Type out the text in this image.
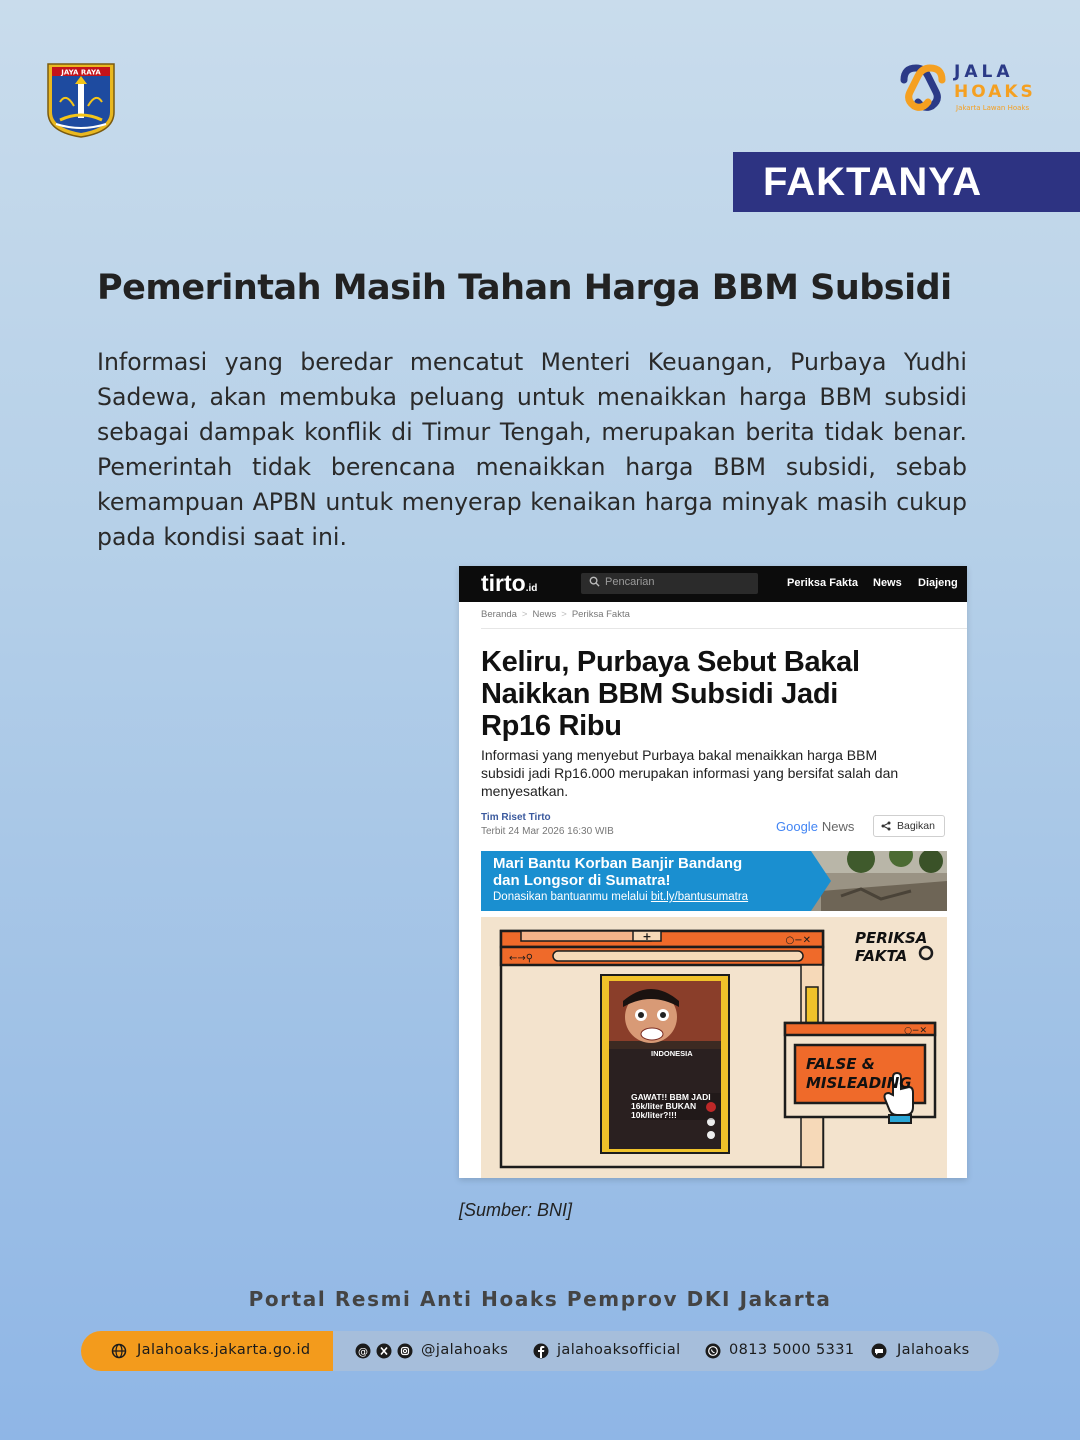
JAYA RAYA	JALA
HOAKS
Jakarta Lawan Hoaks
FAKTANYA
Pemerintah Masih Tahan Harga BBM Subsidi
Informasi yang beredar mencatut Menteri Keuangan, Purbaya Yudhi Sadewa, akan membuka peluang untuk menaikkan harga BBM subsidi sebagai dampak konflik di Timur Tengah, merupakan berita tidak benar. Pemerintah tidak berencana menaikkan harga BBM subsidi, sebab kemampuan APBN untuk menyerap kenaikan harga minyak masih cukup pada kondisi saat ini.
tirto.id
Pencarian	Periksa Fakta News Diajeng
Beranda > News > Periksa Fakta
Keliru, Purbaya Sebut Bakal Naikkan BBM Subsidi Jadi Rp16 Ribu
Informasi yang menyebut Purbaya bakal menaikkan harga BBM subsidi jadi Rp16.000 merupakan informasi yang bersifat salah dan menyesatkan.
Tim Riset Tirto
Terbit 24 Mar 2026 16:30 WIB	Google News	Bagikan
Mari Bantu Korban Banjir Bandang
dan Longsor di Sumatra!
Donasikan bantuanmu melalui bit.ly/bantusumatra
+	○−✕
←→⚲
○−✕
PERIKSA FAKTA
FALSE &
MISLEADING
INDONESIA
GAWAT!! BBM JADI 16k/liter BUKAN 10k/liter?!!!
[Sumber: BNI]
Portal Resmi Anti Hoaks Pemprov DKI Jakarta
Jalahoaks.jakarta.go.id	@	@jalahoaks	jalahoaksofficial	0813 5000 5331	Jalahoaks
